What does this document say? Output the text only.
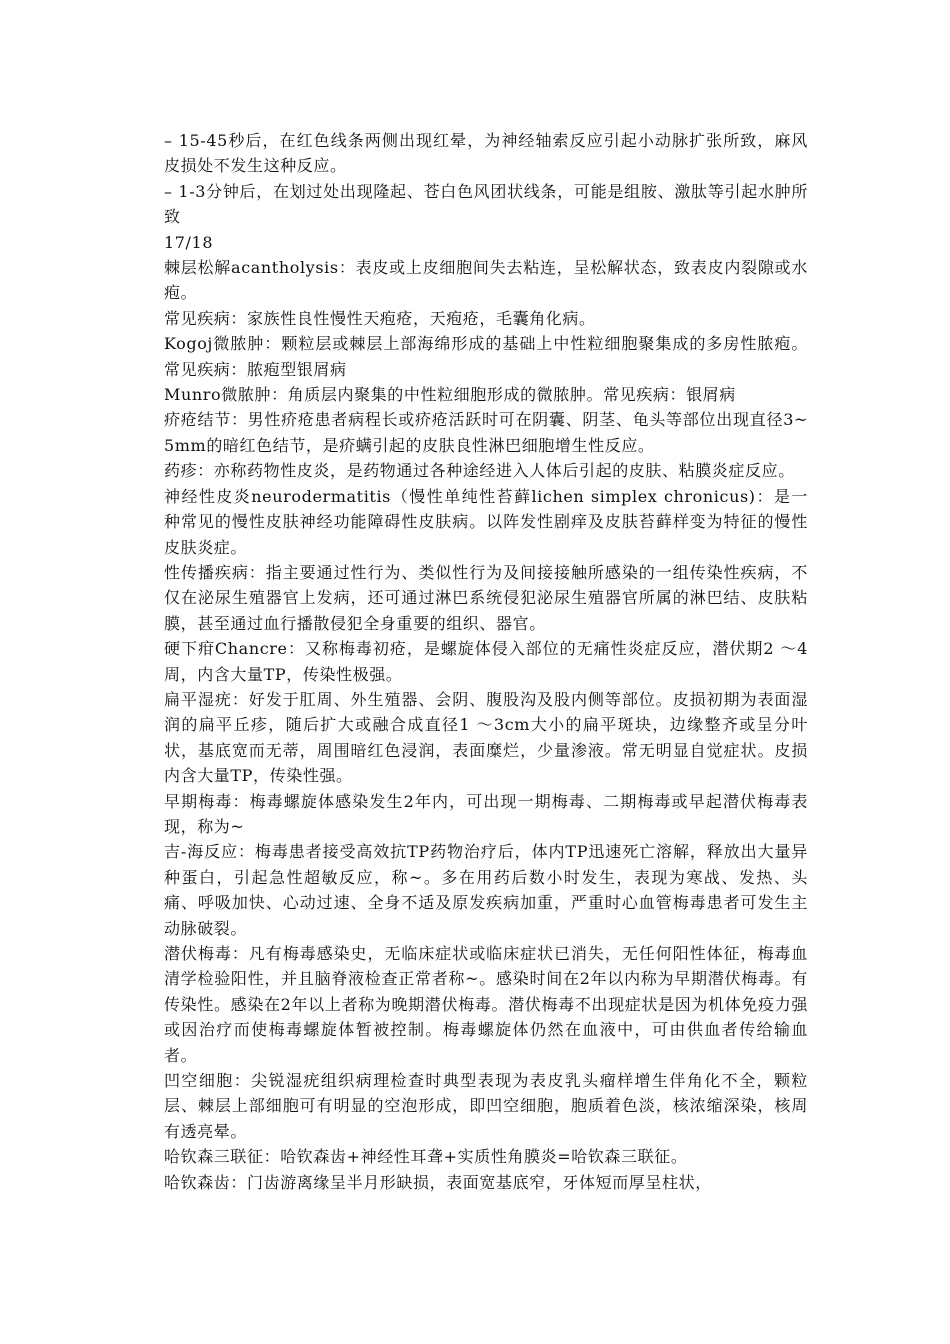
– 15-45秒后，在红色线条两侧出现红晕，为神经轴索反应引起小动脉扩张所致，麻风皮损处不发生这种反应。

– 1-3分钟后，在划过处出现隆起、苍白色风团状线条，可能是组胺、激肽等引起水肿所致

17/18

棘层松解acantholysis：表皮或上皮细胞间失去粘连，呈松解状态，致表皮内裂隙或水疱。

常见疾病：家族性良性慢性天疱疮，天疱疮，毛囊角化病。

Kogoj微脓肿：颗粒层或棘层上部海绵形成的基础上中性粒细胞聚集成的多房性脓疱。常见疾病：脓疱型银屑病

Munro微脓肿：角质层内聚集的中性粒细胞形成的微脓肿。常见疾病：银屑病

疥疮结节：男性疥疮患者病程长或疥疮活跃时可在阴囊、阴茎、龟头等部位出现直径3~5mm的暗红色结节，是疥螨引起的皮肤良性淋巴细胞增生性反应。

药疹：亦称药物性皮炎，是药物通过各种途经进入人体后引起的皮肤、粘膜炎症反应。

神经性皮炎neurodermatitis（慢性单纯性苔藓lichen simplex chronicus)：是一种常见的慢性皮肤神经功能障碍性皮肤病。以阵发性剧痒及皮肤苔藓样变为特征的慢性皮肤炎症。

性传播疾病：指主要通过性行为、类似性行为及间接接触所感染的一组传染性疾病，不仅在泌尿生殖器官上发病，还可通过淋巴系统侵犯泌尿生殖器官所属的淋巴结、皮肤粘膜，甚至通过血行播散侵犯全身重要的组织、器官。

硬下疳Chancre：又称梅毒初疮，是螺旋体侵入部位的无痛性炎症反应，潜伏期2 ～4周，内含大量TP，传染性极强。

扁平湿疣：好发于肛周、外生殖器、会阴、腹股沟及股内侧等部位。皮损初期为表面湿润的扁平丘疹，随后扩大或融合成直径1 ～3cm大小的扁平斑块，边缘整齐或呈分叶状，基底宽而无蒂，周围暗红色浸润，表面糜烂，少量渗液。常无明显自觉症状。皮损内含大量TP，传染性强。

早期梅毒：梅毒螺旋体感染发生2年内，可出现一期梅毒、二期梅毒或早起潜伏梅毒表现，称为~

吉-海反应：梅毒患者接受高效抗TP药物治疗后，体内TP迅速死亡溶解，释放出大量异种蛋白，引起急性超敏反应，称~。多在用药后数小时发生，表现为寒战、发热、头痛、呼吸加快、心动过速、全身不适及原发疾病加重，严重时心血管梅毒患者可发生主动脉破裂。

潜伏梅毒：凡有梅毒感染史，无临床症状或临床症状已消失，无任何阳性体征，梅毒血清学检验阳性，并且脑脊液检查正常者称~。感染时间在2年以内称为早期潜伏梅毒。有传染性。感染在2年以上者称为晚期潜伏梅毒。潜伏梅毒不出现症状是因为机体免疫力强或因治疗而使梅毒螺旋体暂被控制。梅毒螺旋体仍然在血液中，可由供血者传给输血者。

凹空细胞：尖锐湿疣组织病理检查时典型表现为表皮乳头瘤样增生伴角化不全，颗粒层、棘层上部细胞可有明显的空泡形成，即凹空细胞，胞质着色淡，核浓缩深染，核周有透亮晕。

哈钦森三联征：哈钦森齿+神经性耳聋+实质性角膜炎=哈钦森三联征。

哈钦森齿：门齿游离缘呈半月形缺损，表面宽基底窄，牙体短而厚呈柱状，
